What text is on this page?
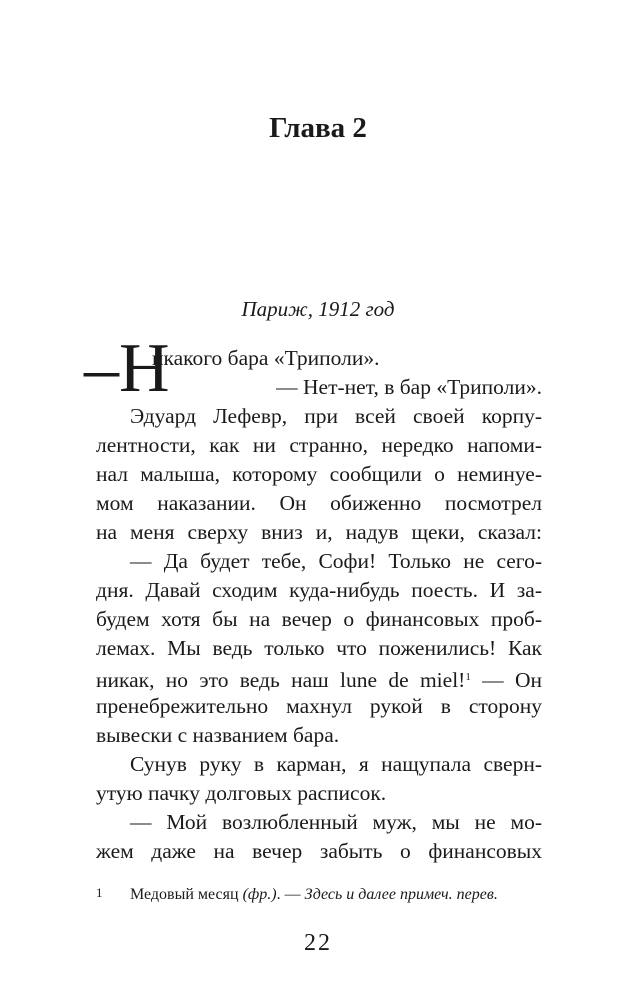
Глава 2
Париж, 1912 год
–Н
икакого бара «Триполи».
— Нет-нет, в бар «Триполи».
Эдуард Лефевр, при всей своей корпу-
лентности, как ни странно, нередко напоми-
нал малыша, которому сообщили о неминуе-
мом наказании. Он обиженно посмотрел
на меня сверху вниз и, надув щеки, сказал:
— Да будет тебе, Софи! Только не сего-
дня. Давай сходим куда-нибудь поесть. И за-
будем хотя бы на вечер о финансовых проб-
лемах. Мы ведь только что поженились! Как
никак, но это ведь наш lune de miel!$^1$ — Он
пренебрежительно махнул рукой в сторону
вывески с названием бара.
Сунув руку в карман, я нащупала сверн-
утую пачку долговых расписок.
— Мой возлюбленный муж, мы не мо-
жем даже на вечер забыть о финансовых
1 Медовый месяц (фр.). — Здесь и далее примеч. перев.
22
